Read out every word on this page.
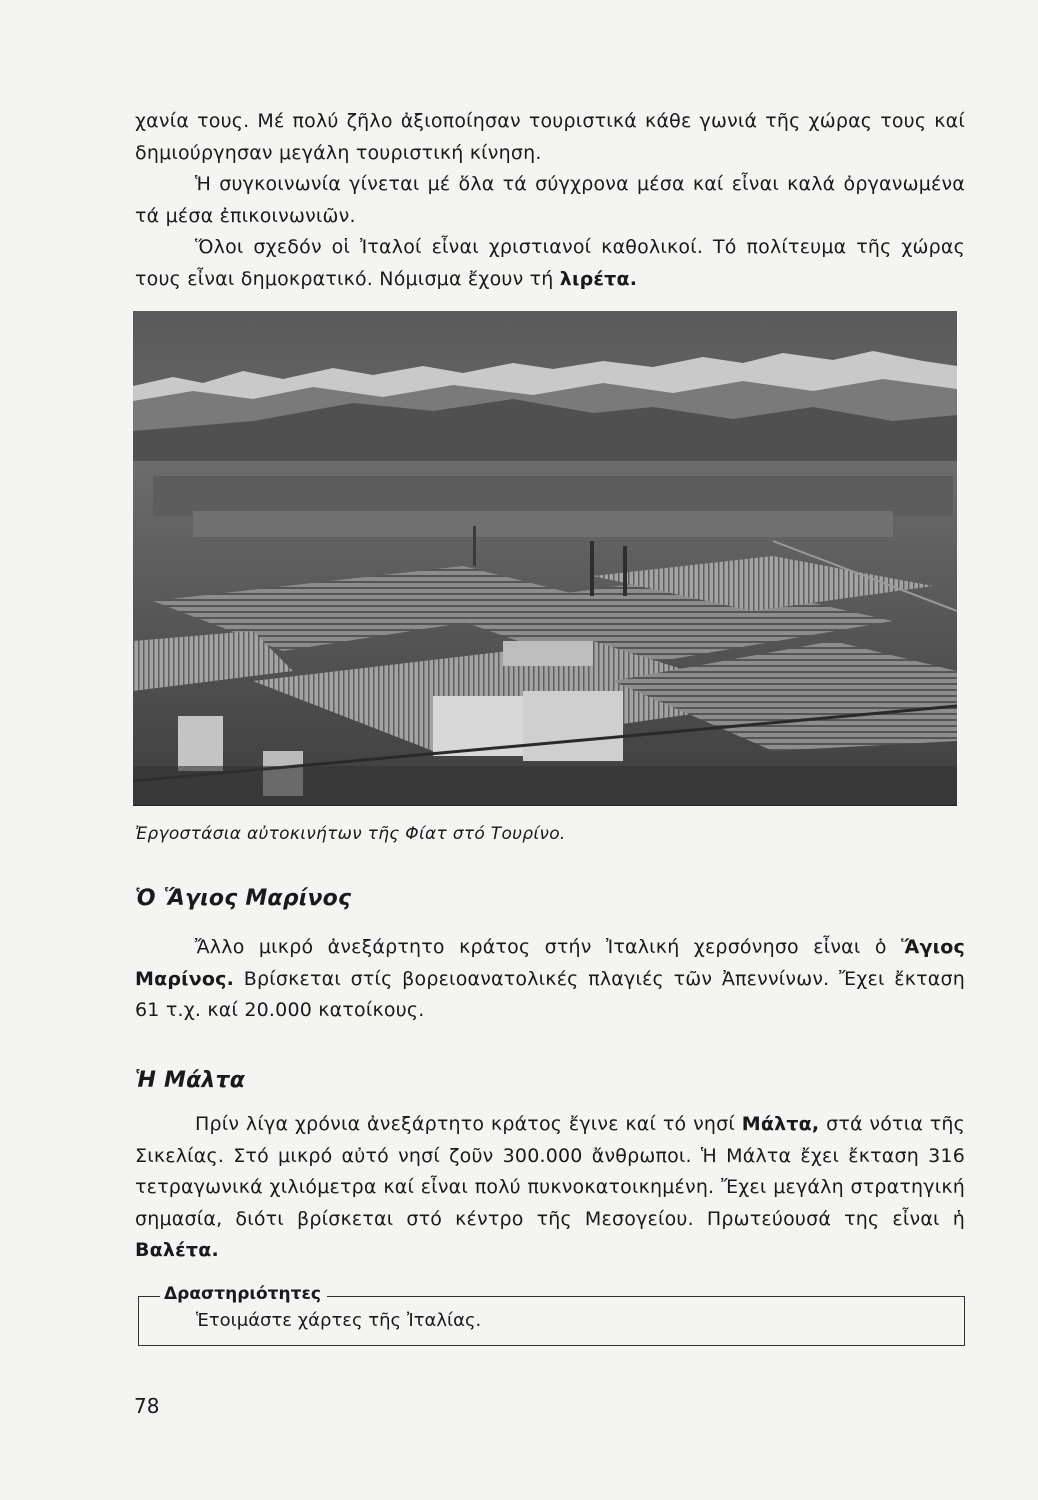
χανία τους. Μέ πολύ ζῆλο ἀξιοποίησαν τουριστικά κάθε γωνιά τῆς χώρας τους καί δημιούργησαν μεγάλη τουριστική κίνηση.

Ἡ συγκοινωνία γίνεται μέ ὅλα τά σύγχρονα μέσα καί εἶναι καλά ὀργανωμένα τά μέσα ἐπικοινωνιῶν.

Ὅλοι σχεδόν οἱ Ἰταλοί εἶναι χριστιανοί καθολικοί. Τό πολίτευμα τῆς χώρας τους εἶναι δημοκρατικό. Νόμισμα ἔχουν τή λιρέτα.

Ἐργοστάσια αὐτοκινήτων τῆς Φίατ στό Τουρίνο.
Ὁ Ἅγιος Μαρίνος

Ἄλλο μικρό ἀνεξάρτητο κράτος στήν Ἰταλική χερσόνησο εἶναι ὁ Ἅγιος Μαρίνος. Βρίσκεται στίς βορειοανατολικές πλαγιές τῶν Ἀπεννίνων. Ἔχει ἔκταση 61 τ.χ. καί 20.000 κατοίκους.

Ἡ Μάλτα

Πρίν λίγα χρόνια ἀνεξάρτητο κράτος ἔγινε καί τό νησί Μάλτα, στά νότια τῆς Σικελίας. Στό μικρό αὐτό νησί ζοῦν 300.000 ἄνθρωποι. Ἡ Μάλτα ἔχει ἔκταση 316 τετραγωνικά χιλιόμετρα καί εἶναι πολύ πυκνοκατοικημένη. Ἔχει μεγάλη στρατηγική σημασία, διότι βρίσκεται στό κέντρο τῆς Μεσογείου. Πρωτεύουσά της εἶναι ἡ Βαλέτα.

Δραστηριότητες
Ἑτοιμάστε χάρτες τῆς Ἰταλίας.
78
